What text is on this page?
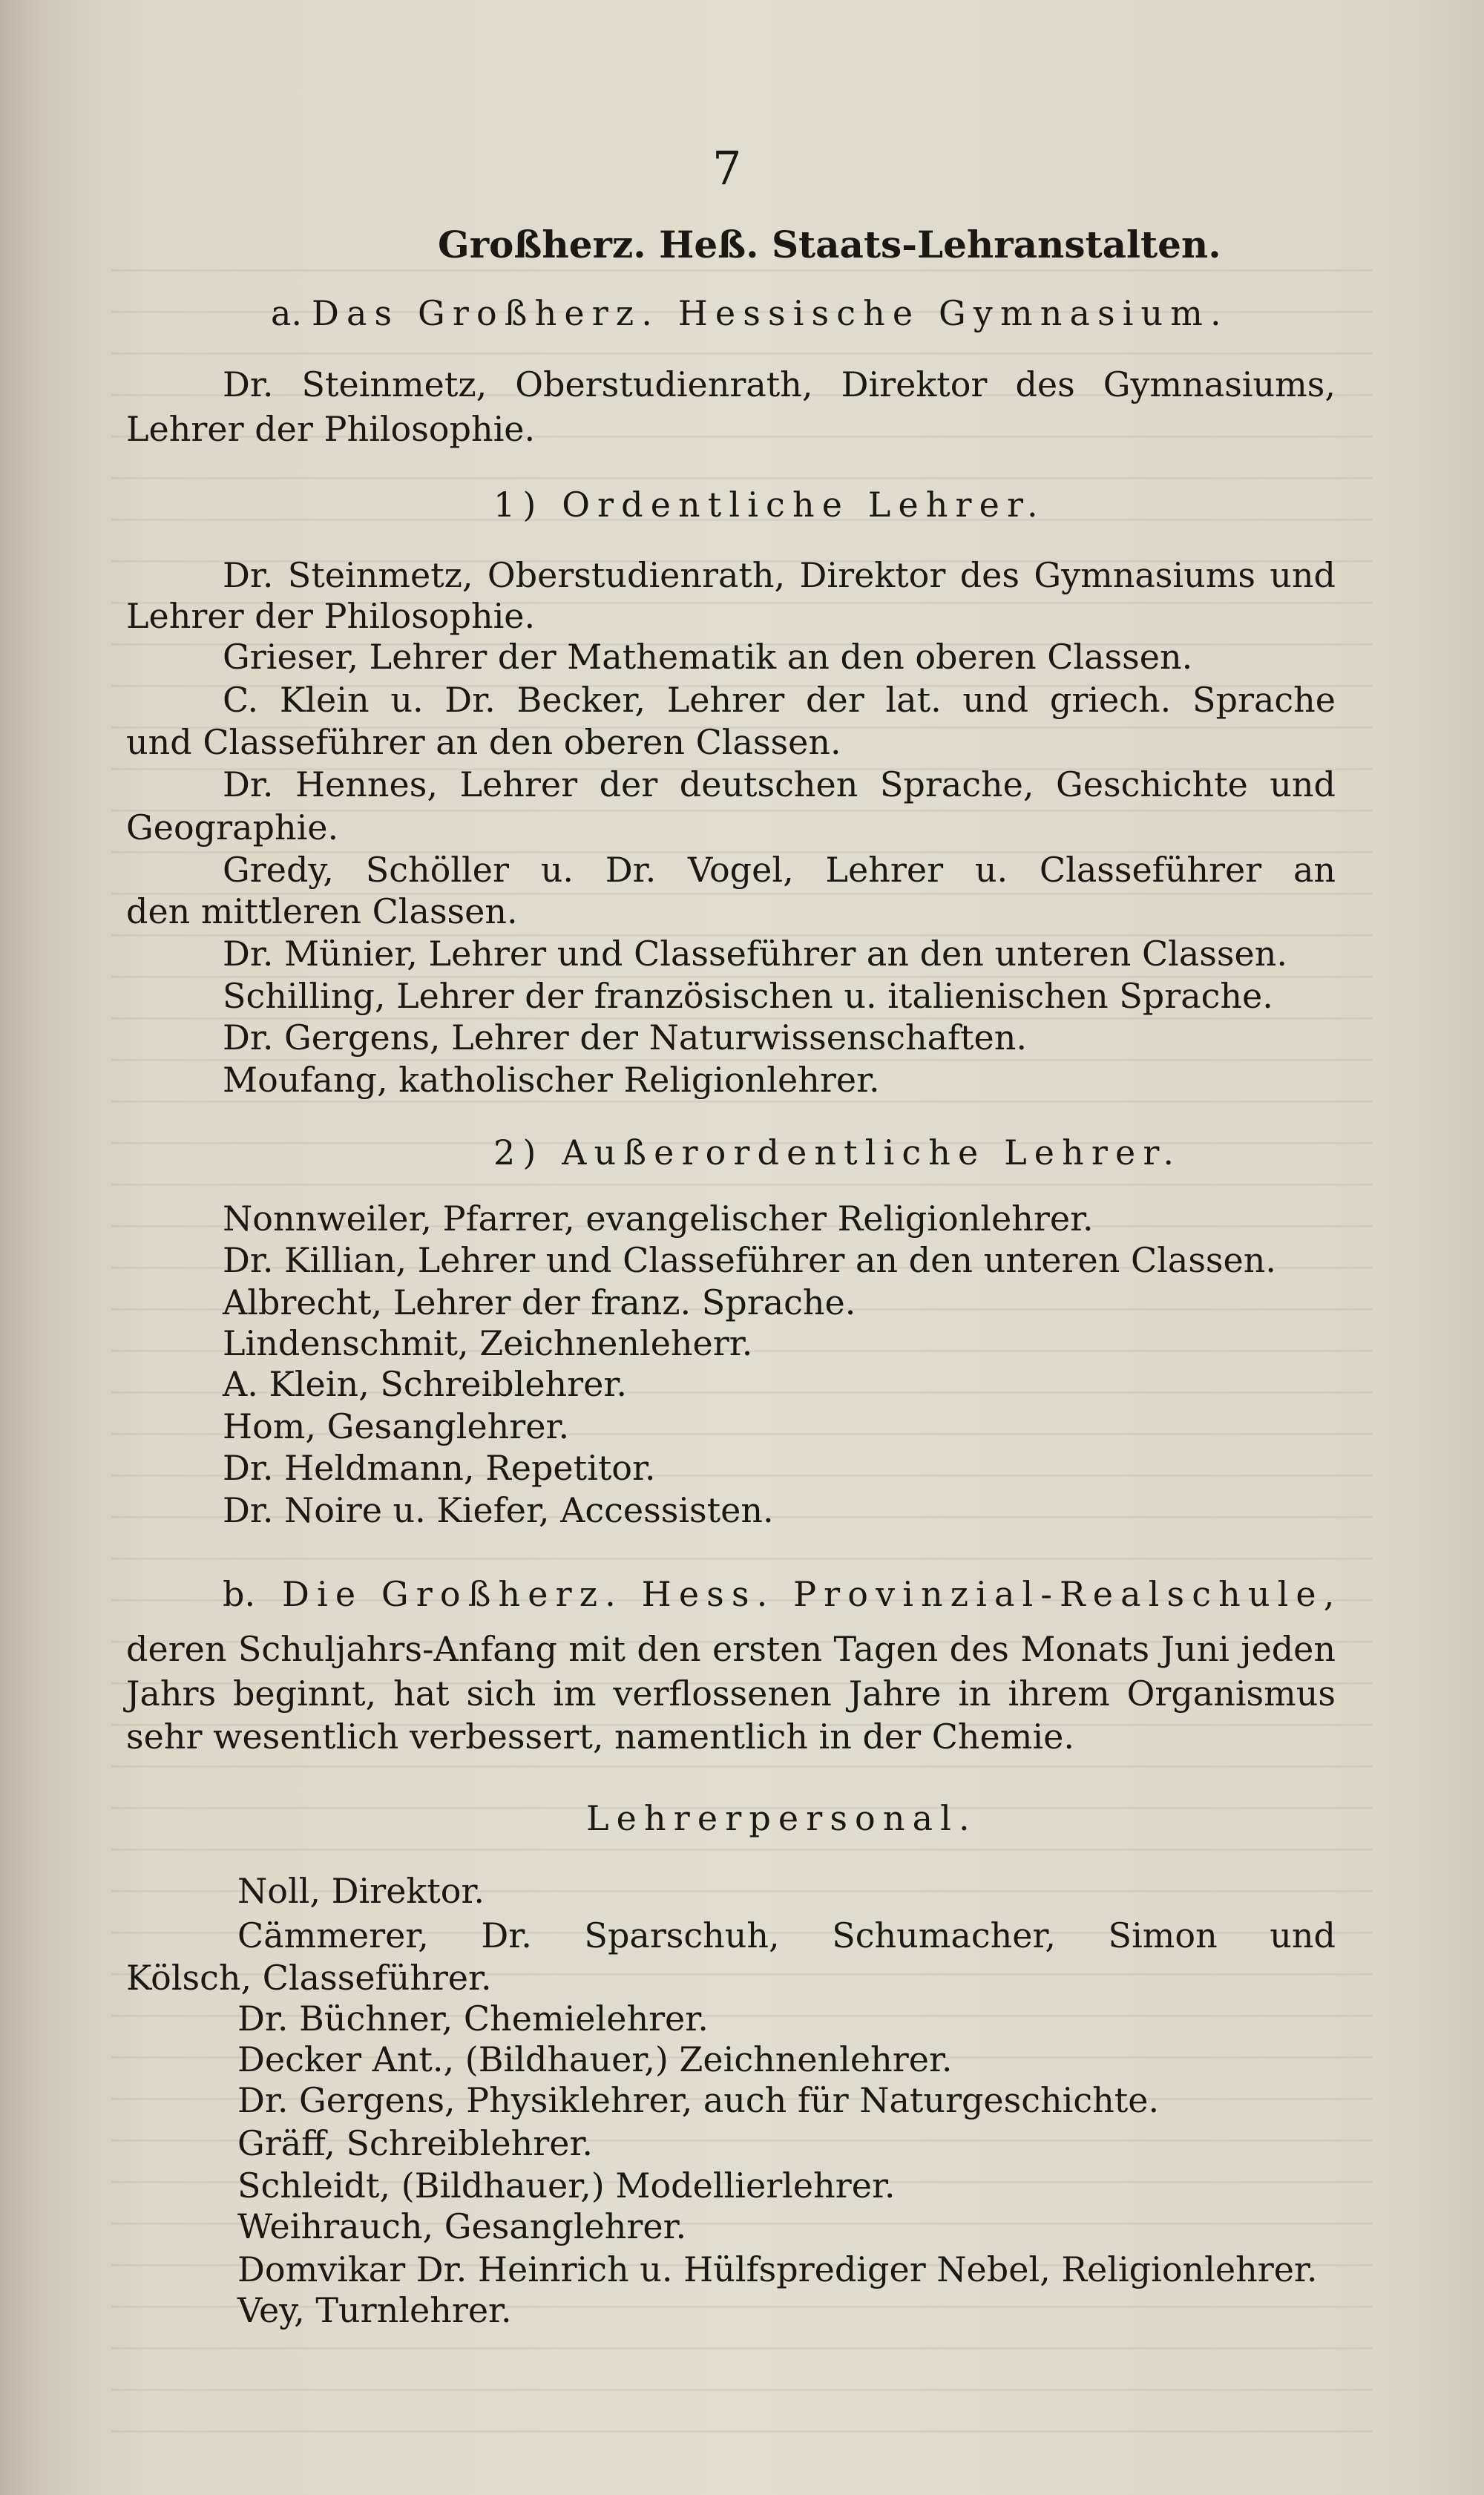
7
Großherz. Heß. Staats-Lehranstalten.
a. Das Großherz. Hessische Gymnasium.
Dr. Steinmetz, Oberstudienrath, Direktor des Gymnasiums,
Lehrer der Philosophie.
1) Ordentliche Lehrer.
Dr. Steinmetz, Oberstudienrath, Direktor des Gymnasiums und
Lehrer der Philosophie.
Grieser, Lehrer der Mathematik an den oberen Classen.
C. Klein u. Dr. Becker, Lehrer der lat. und griech. Sprache
und Classeführer an den oberen Classen.
Dr. Hennes, Lehrer der deutschen Sprache, Geschichte und
Geographie.
Gredy, Schöller u. Dr. Vogel, Lehrer u. Classeführer an
den mittleren Classen.
Dr. Münier, Lehrer und Classeführer an den unteren Classen.
Schilling, Lehrer der französischen u. italienischen Sprache.
Dr. Gergens, Lehrer der Naturwissenschaften.
Moufang, katholischer Religionlehrer.
2) Außerordentliche Lehrer.
Nonnweiler, Pfarrer, evangelischer Religionlehrer.
Dr. Killian, Lehrer und Classeführer an den unteren Classen.
Albrecht, Lehrer der franz. Sprache.
Lindenschmit, Zeichnenleherr.
A. Klein, Schreiblehrer.
Hom, Gesanglehrer.
Dr. Heldmann, Repetitor.
Dr. Noire u. Kiefer, Accessisten.
b. Die Großherz. Hess. Provinzial-Realschule,
deren Schuljahrs-Anfang mit den ersten Tagen des Monats Juni jeden
Jahrs beginnt, hat sich im verflossenen Jahre in ihrem Organismus
sehr wesentlich verbessert, namentlich in der Chemie.
Lehrerpersonal.
Noll, Direktor.
Cämmerer, Dr. Sparschuh, Schumacher, Simon und
Kölsch, Classeführer.
Dr. Büchner, Chemielehrer.
Decker Ant., (Bildhauer,) Zeichnenlehrer.
Dr. Gergens, Physiklehrer, auch für Naturgeschichte.
Gräff, Schreiblehrer.
Schleidt, (Bildhauer,) Modellierlehrer.
Weihrauch, Gesanglehrer.
Domvikar Dr. Heinrich u. Hülfsprediger Nebel, Religionlehrer.
Vey, Turnlehrer.
